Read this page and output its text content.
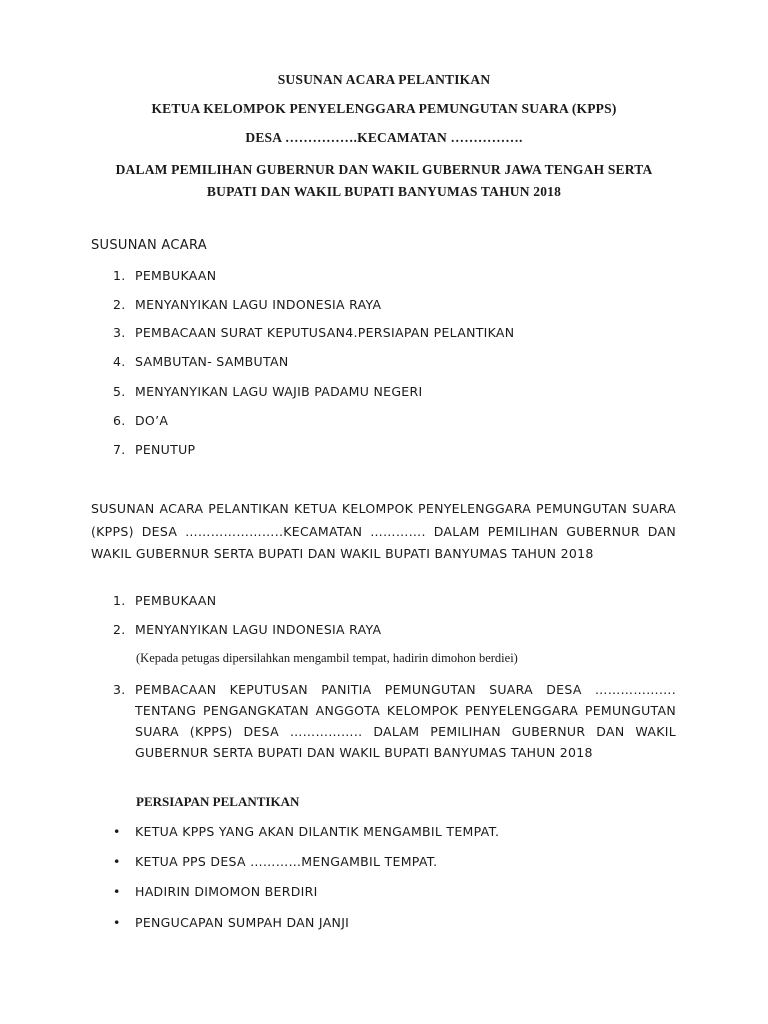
SUSUNAN ACARA PELANTIKAN
KETUA KELOMPOK PENYELENGGARA PEMUNGUTAN SUARA (KPPS)
DESA …………….KECAMATAN …………….
DALAM PEMILIHAN GUBERNUR DAN WAKIL GUBERNUR JAWA TENGAH SERTA BUPATI DAN WAKIL BUPATI BANYUMAS TAHUN 2018
SUSUNAN ACARA
1. PEMBUKAAN
2. MENYANYIKAN LAGU INDONESIA RAYA
3. PEMBACAAN SURAT KEPUTUSAN4.PERSIAPAN PELANTIKAN
4. SAMBUTAN- SAMBUTAN
5. MENYANYIKAN LAGU WAJIB PADAMU NEGERI
6. DO’A
7. PENUTUP
SUSUNAN ACARA PELANTIKAN KETUA KELOMPOK PENYELENGGARA PEMUNGUTAN SUARA (KPPS) DESA …………………..KECAMATAN …………. DALAM PEMILIHAN GUBERNUR DAN WAKIL GUBERNUR SERTA BUPATI DAN WAKIL BUPATI BANYUMAS TAHUN 2018
1. PEMBUKAAN
2. MENYANYIKAN LAGU INDONESIA RAYA
(Kepada petugas dipersilahkan mengambil tempat, hadirin dimohon berdiei)
3. PEMBACAAN KEPUTUSAN PANITIA PEMUNGUTAN SUARA DESA ………………. TENTANG PENGANGKATAN ANGGOTA KELOMPOK PENYELENGGARA PEMUNGUTAN SUARA (KPPS) DESA …………….. DALAM PEMILIHAN GUBERNUR DAN WAKIL GUBERNUR SERTA BUPATI DAN WAKIL BUPATI BANYUMAS TAHUN 2018
PERSIAPAN PELANTIKAN
• KETUA KPPS YANG AKAN DILANTIK MENGAMBIL TEMPAT.
• KETUA PPS DESA …………MENGAMBIL TEMPAT.
• HADIRIN DIMOMON BERDIRI
• PENGUCAPAN SUMPAH DAN JANJI
